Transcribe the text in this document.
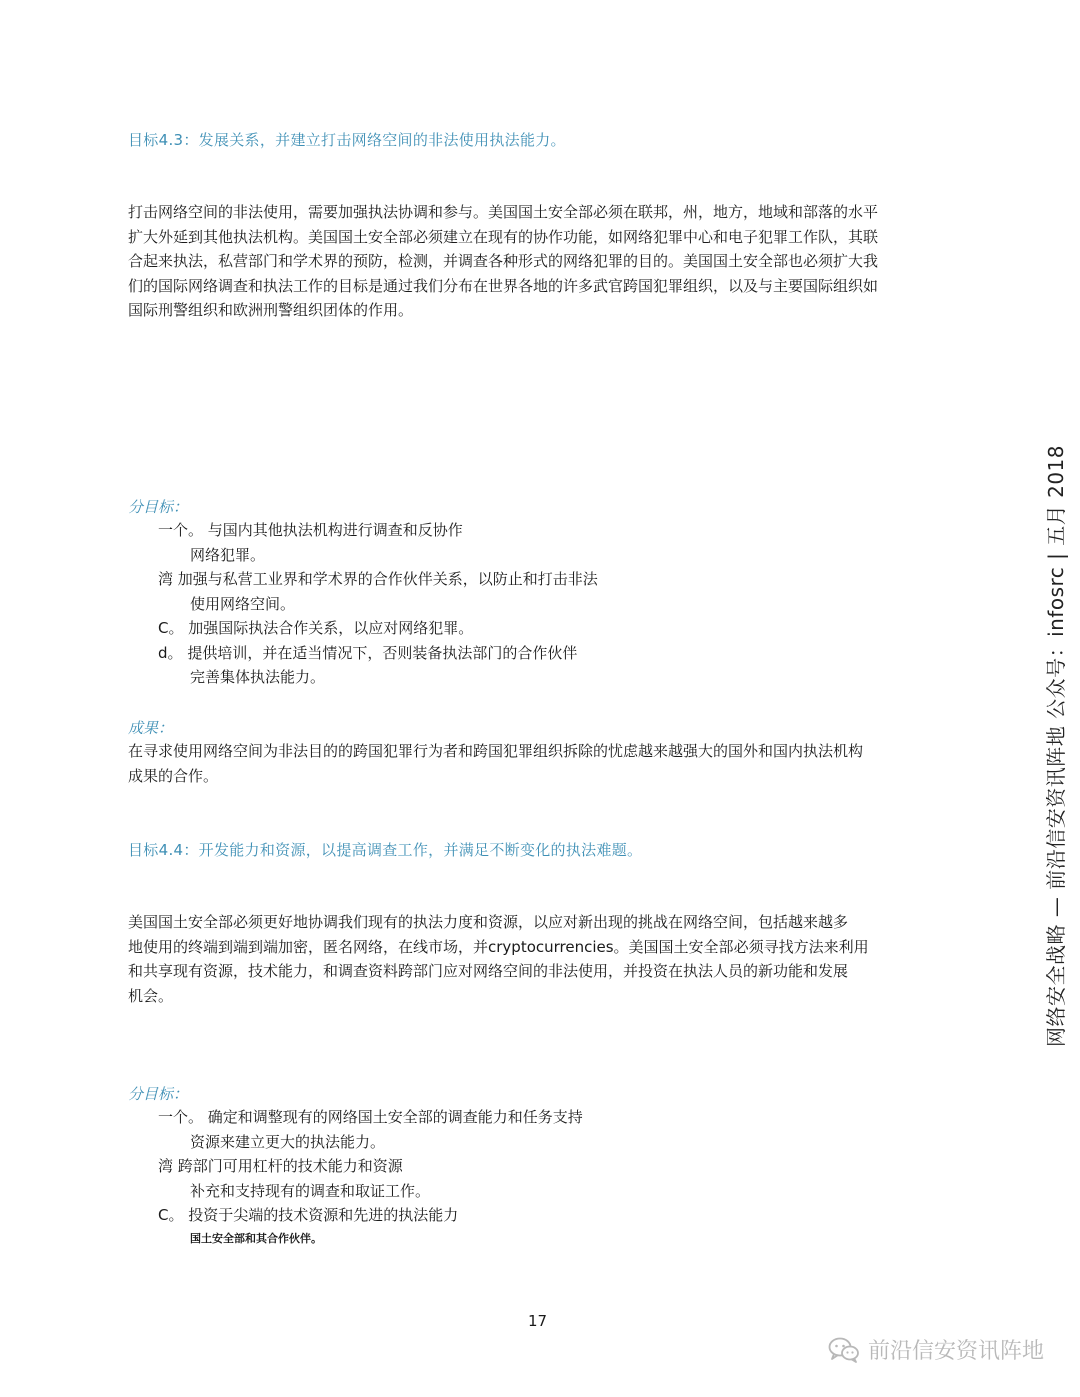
目标4.3：发展关系，并建立打击网络空间的非法使用执法能力。
打击网络空间的非法使用，需要加强执法协调和参与。美国国土安全部必须在联邦，州，地方，地域和部落的水平
扩大外延到其他执法机构。美国国土安全部必须建立在现有的协作功能，如网络犯罪中心和电子犯罪工作队，其联
合起来执法，私营部门和学术界的预防，检测，并调查各种形式的网络犯罪的目的。美国国土安全部也必须扩大我
们的国际网络调查和执法工作的目标是通过我们分布在世界各地的许多武官跨国犯罪组织，以及与主要国际组织如
国际刑警组织和欧洲刑警组织团体的作用。
分目标：
一个。 与国内其他执法机构进行调查和反协作
网络犯罪。
湾 加强与私营工业界和学术界的合作伙伴关系，以防止和打击非法
使用网络空间。
C。 加强国际执法合作关系，以应对网络犯罪。
d。 提供培训，并在适当情况下，否则装备执法部门的合作伙伴
完善集体执法能力。
成果：
在寻求使用网络空间为非法目的的跨国犯罪行为者和跨国犯罪组织拆除的忧虑越来越强大的国外和国内执法机构
成果的合作。
目标4.4：开发能力和资源，以提高调查工作，并满足不断变化的执法难题。
美国国土安全部必须更好地协调我们现有的执法力度和资源，以应对新出现的挑战在网络空间，包括越来越多
地使用的终端到端到端加密，匿名网络，在线市场，并cryptocurrencies。美国国土安全部必须寻找方法来利用
和共享现有资源，技术能力，和调查资料跨部门应对网络空间的非法使用，并投资在执法人员的新功能和发展
机会。
分目标：
一个。 确定和调整现有的网络国土安全部的调查能力和任务支持
资源来建立更大的执法能力。
湾 跨部门可用杠杆的技术能力和资源
补充和支持现有的调查和取证工作。
C。 投资于尖端的技术资源和先进的执法能力
国土安全部和其合作伙伴。
网络安全战略 — 前沿信安资讯阵地 公众号：infosrc | 五月 2018
17
前沿信安资讯阵地
